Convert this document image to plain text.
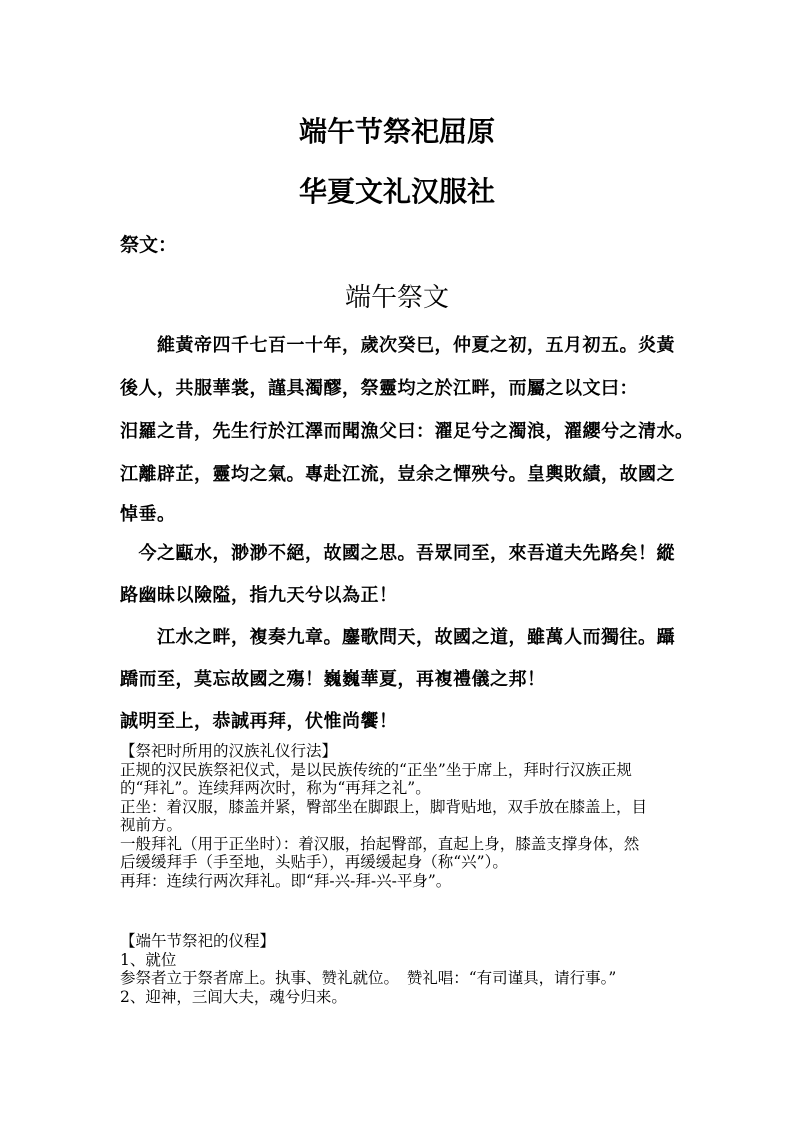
端午节祭祀屈原
华夏文礼汉服社
祭文：
端午祭文
　　維黃帝四千七百一十年，歲次癸巳，仲夏之初，五月初五。炎黃
後人，共服華裳，謹具濁醪，祭靈均之於江畔，而屬之以文曰：
汨羅之昔，先生行於江澤而聞漁父曰：濯足兮之濁浪，濯纓兮之清水。
江離辟芷，靈均之氣。專赴江流，豈余之憚殃兮。皇輿敗績，故國之
悼垂。
　今之甌水，渺渺不絕，故國之思。吾眾同至，來吾道夫先路矣！縱
路幽昧以險隘，指九天兮以為正！
　　江水之畔，複奏九章。鏖歌問天，故國之道，雖萬人而獨往。躡
蹻而至，莫忘故國之殤！巍巍華夏，再複禮儀之邦！
誠明至上，恭誠再拜，伏惟尚饗！
【祭祀时所用的汉族礼仪行法】
正规的汉民族祭祀仪式，是以民族传统的“正坐”坐于席上，拜时行汉族正规
的“拜礼”。连续拜两次时，称为“再拜之礼”。
正坐：着汉服，膝盖并紧，臀部坐在脚跟上，脚背贴地，双手放在膝盖上，目
视前方。
一般拜礼（用于正坐时）：着汉服，抬起臀部，直起上身，膝盖支撑身体，然
后缓缓拜手（手至地，头贴手），再缓缓起身（称“兴”）。
再拜：连续行两次拜礼。即“拜-兴-拜-兴-平身”。
【端午节祭祀的仪程】
1、就位
参祭者立于祭者席上。执事、赞礼就位。　赞礼唱：“有司谨具，请行事。”
2、迎神，三闾大夫，魂兮归来。
